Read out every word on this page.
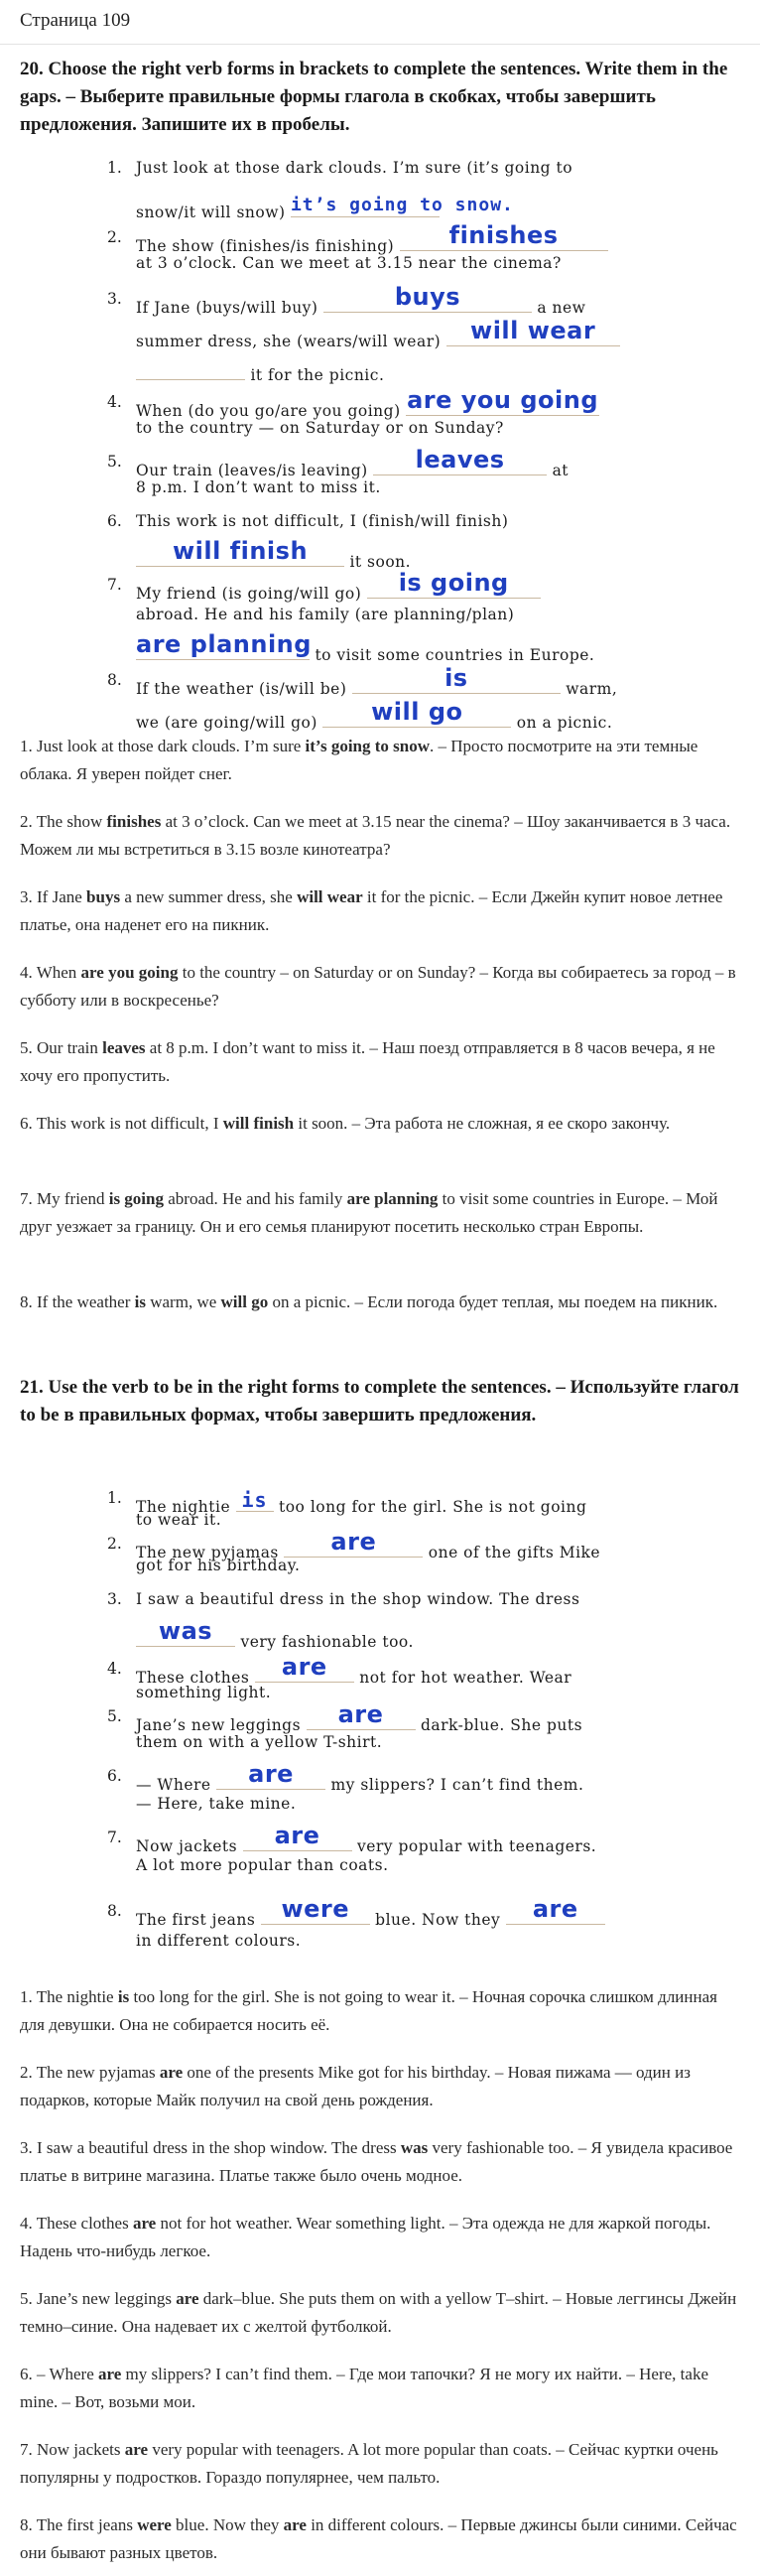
Страница 109
20. Choose the right verb forms in brackets to complete the sentences. Write them in the gaps. – Выберите правильные формы глагола в скобках, чтобы завершить предложения. Запишите их в пробелы.
1. Just look at those dark clouds. I’m sure (it’s going to
snow/it will snow) it’s going to snow.
2. The show (finishes/is finishing)	finishes
at 3 o’clock. Can we meet at 3.15 near the cinema?
3. If Jane (buys/will buy)	buys	a new
summer dress, she (wears/will wear)	will wear
it for the picnic.
4. When (do you go/are you going) are you going
to the country — on Saturday or on Sunday?
5. Our train (leaves/is leaving)	leaves	at
8 p.m. I don’t want to miss it.
6. This work is not difficult, I (finish/will finish)
will finish	it soon.
7. My friend (is going/will go)	is going
abroad. He and his family (are planning/plan)
are planning to visit some countries in Europe.
8. If the weather (is/will be)	is	warm,
we (are going/will go)	will go	on a picnic.

1. Just look at those dark clouds. I’m sure it’s going to snow. – Просто посмотрите на эти темные облака. Я уверен пойдет снег.

2. The show finishes at 3 o’clock. Can we meet at 3.15 near the cinema? – Шоу заканчивается в 3 часа. Можем ли мы встретиться в 3.15 возле кинотеатра?

3. If Jane buys a new summer dress, she will wear it for the picnic. – Если Джейн купит новое летнее платье, она наденет его на пикник.

4. When are you going to the country – on Saturday or on Sunday? – Когда вы собираетесь за город – в субботу или в воскресенье?

5. Our train leaves at 8 p.m. I don’t want to miss it. – Наш поезд отправляется в 8 часов вечера, я не хочу его пропустить.

6. This work is not difficult, I will finish it soon. – Эта работа не сложная, я ее скоро закончу.

7. My friend is going abroad. He and his family are planning to visit some countries in Europe. – Мой друг уезжает за границу. Он и его семья планируют посетить несколько стран Европы.

8. If the weather is warm, we will go on a picnic. – Если погода будет теплая, мы поедем на пикник.

21. Use the verb to be in the right forms to complete the sentences. – Используйте глагол to be в правильных формах, чтобы завершить предложения.
1. The nightie is too long for the girl. She is not going
to wear it.
2. The new pyjamas	are	one of the gifts Mike
got for his birthday.
3. I saw a beautiful dress in the shop window. The dress
was	very fashionable too.
4. These clothes	are	not for hot weather. Wear
something light.
5. Jane’s new leggings	are	dark-blue. She puts
them on with a yellow T-shirt.
6. — Where	are	my slippers? I can’t find them.
— Here, take mine.
7. Now jackets	are	very popular with teenagers.
A lot more popular than coats.
8. The first jeans	were	blue. Now they	are
in different colours.

1. The nightie is too long for the girl. She is not going to wear it. – Ночная сорочка слишком длинная для девушки. Она не собирается носить её.

2. The new pyjamas are one of the presents Mike got for his birthday. – Новая пижама — один из подарков, которые Майк получил на свой день рождения.

3. I saw a beautiful dress in the shop window. The dress was very fashionable too. – Я увидела красивое платье в витрине магазина. Платье также было очень модное.

4. These clothes are not for hot weather. Wear something light. – Эта одежда не для жаркой погоды. Надень что-нибудь легкое.

5. Jane’s new leggings are dark–blue. She puts them on with a yellow T–shirt. – Новые леггинсы Джейн темно–синие. Она надевает их с желтой футболкой.

6. – Where are my slippers? I can’t find them. – Где мои тапочки? Я не могу их найти. – Here, take mine. – Вот, возьми мои.

7. Now jackets are very popular with teenagers. A lot more popular than coats. – Сейчас куртки очень популярны у подростков. Гораздо популярнее, чем пальто.

8. The first jeans were blue. Now they are in different colours. – Первые джинсы были синими. Сейчас они бывают разных цветов.
